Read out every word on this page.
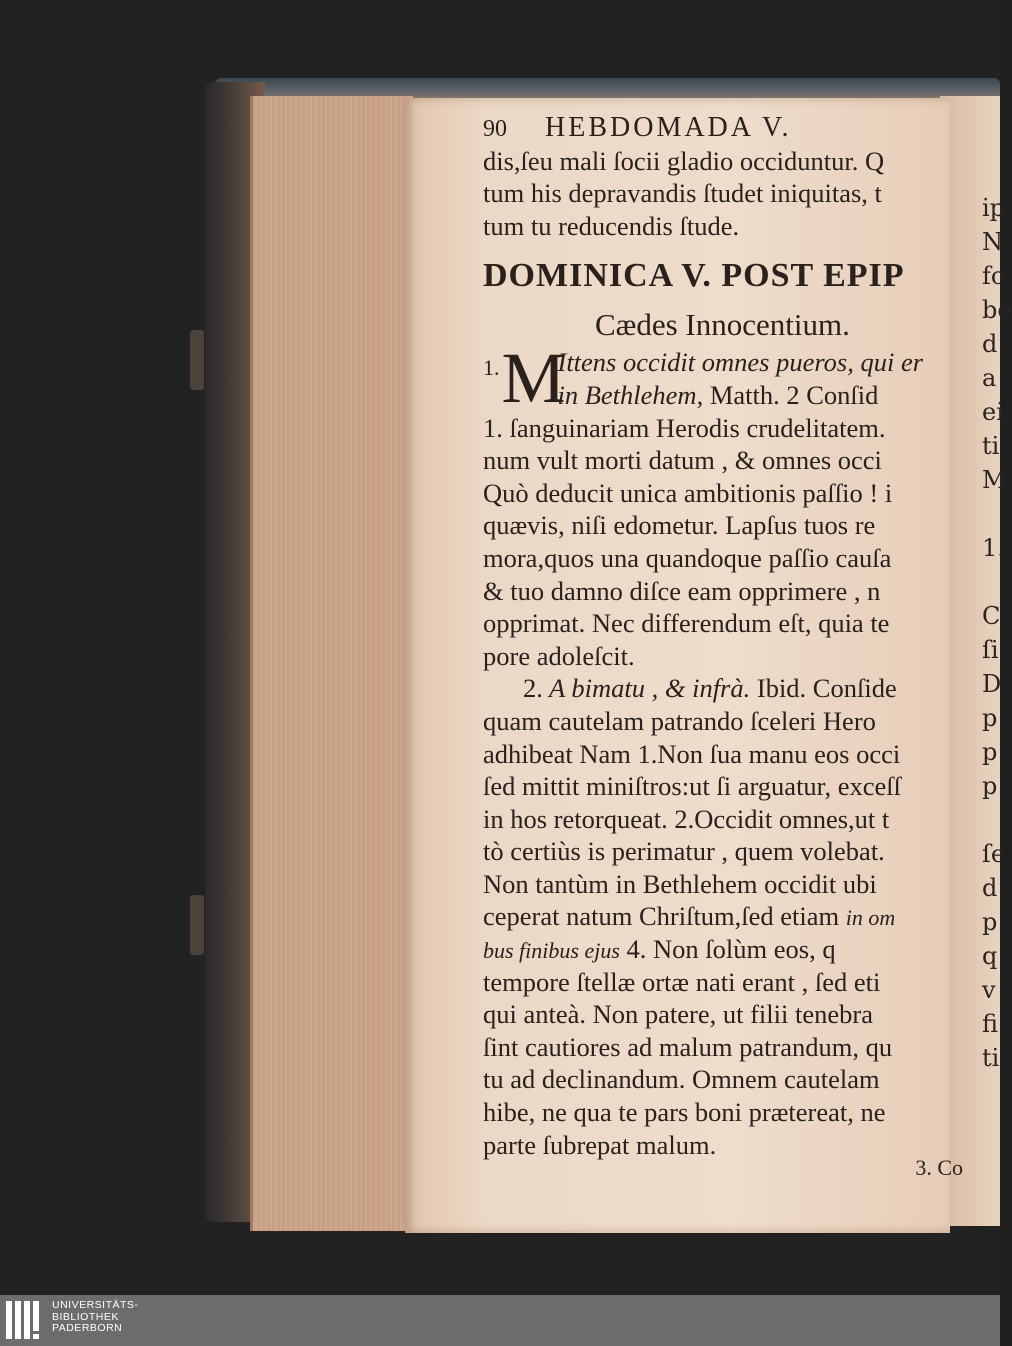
ip
N
fo
be
d
a
ei
ti
M
1.
C
ſi
D
p
p
p
ſe
d
p
q
v
fi
ti
90 HEBDOMADA V.
dis,ſeu mali ſocii gladio occiduntur. Q
tum his depravandis ſtudet iniquitas, t
tum tu reducendis ſtude.
DOMINICA V. POST EPIP
Cædes Innocentium.
1. M
Ittens occidit omnes pueros, qui er
in Bethlehem, Matth. 2 Conſid
1. ſanguinariam Herodis crudelitatem.
num vult morti datum , & omnes occi
Quò deducit unica ambitionis paſſio ! i
quævis, niſi edometur. Lapſus tuos re
mora,quos una quandoque paſſio cauſa
& tuo damno diſce eam opprimere , n
opprimat. Nec differendum eſt, quia te
pore adoleſcit.
2. A bimatu , & infrà. Ibid. Conſide
quam cautelam patrando ſceleri Hero
adhibeat Nam 1.Non ſua manu eos occi
ſed mittit miniſtros:ut ſi arguatur, exceſſ
in hos retorqueat. 2.Occidit omnes,ut t
tò certiùs is perimatur , quem volebat.
Non tantùm in Bethlehem occidit ubi
ceperat natum Chriſtum,ſed etiam in om
bus finibus ejus 4. Non ſolùm eos, q
tempore ſtellæ ortæ nati erant , ſed eti
qui anteà. Non patere, ut filii tenebra
ſint cautiores ad malum patrandum, qu
tu ad declinandum. Omnem cautelam
hibe, ne qua te pars boni prætereat, ne
parte ſubrepat malum.
3. Co
UNIVERSITÄTS-
BIBLIOTHEK
PADERBORN
